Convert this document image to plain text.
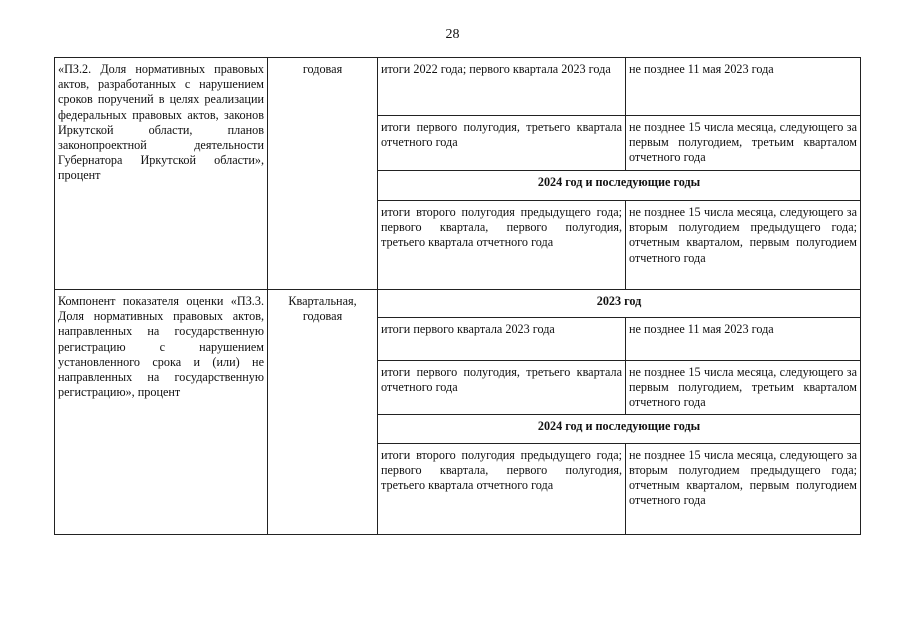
28
«ПЗ.2. Доля нормативных правовых актов, разработанных с нарушением сроков поручений в целях реализации федеральных правовых актов, законов Иркутской области, планов законопроектной деятельности Губернатора Иркутской области», процент	годовая	итоги 2022 года; первого квартала 2023 года	не позднее 11 мая 2023 года
		итоги первого полугодия, третьего квартала отчетного года	не позднее 15 числа месяца, следующего за первым полугодием, третьим кварталом отчетного года
		2024 год и последующие годы	
		итоги второго полугодия предыдущего года; первого квартала, первого полугодия, третьего квартала отчетного года	не позднее 15 числа месяца, следующего за вторым полугодием предыдущего года; отчетным кварталом, первым полугодием отчетного года
Компонент показателя оценки «ПЗ.3. Доля нормативных правовых актов, направленных на государственную регистрацию с нарушением установленного срока и (или) не направленных на государственную регистрацию», процент	Квартальная, годовая	2023 год	
		итоги первого квартала 2023 года	не позднее 11 мая 2023 года
		итоги первого полугодия, третьего квартала отчетного года	не позднее 15 числа месяца, следующего за первым полугодием, третьим кварталом отчетного года
		2024 год и последующие годы	
		итоги второго полугодия предыдущего года; первого квартала, первого полугодия, третьего квартала отчетного года	не позднее 15 числа месяца, следующего за вторым полугодием предыдущего года; отчетным кварталом, первым полугодием отчетного года
